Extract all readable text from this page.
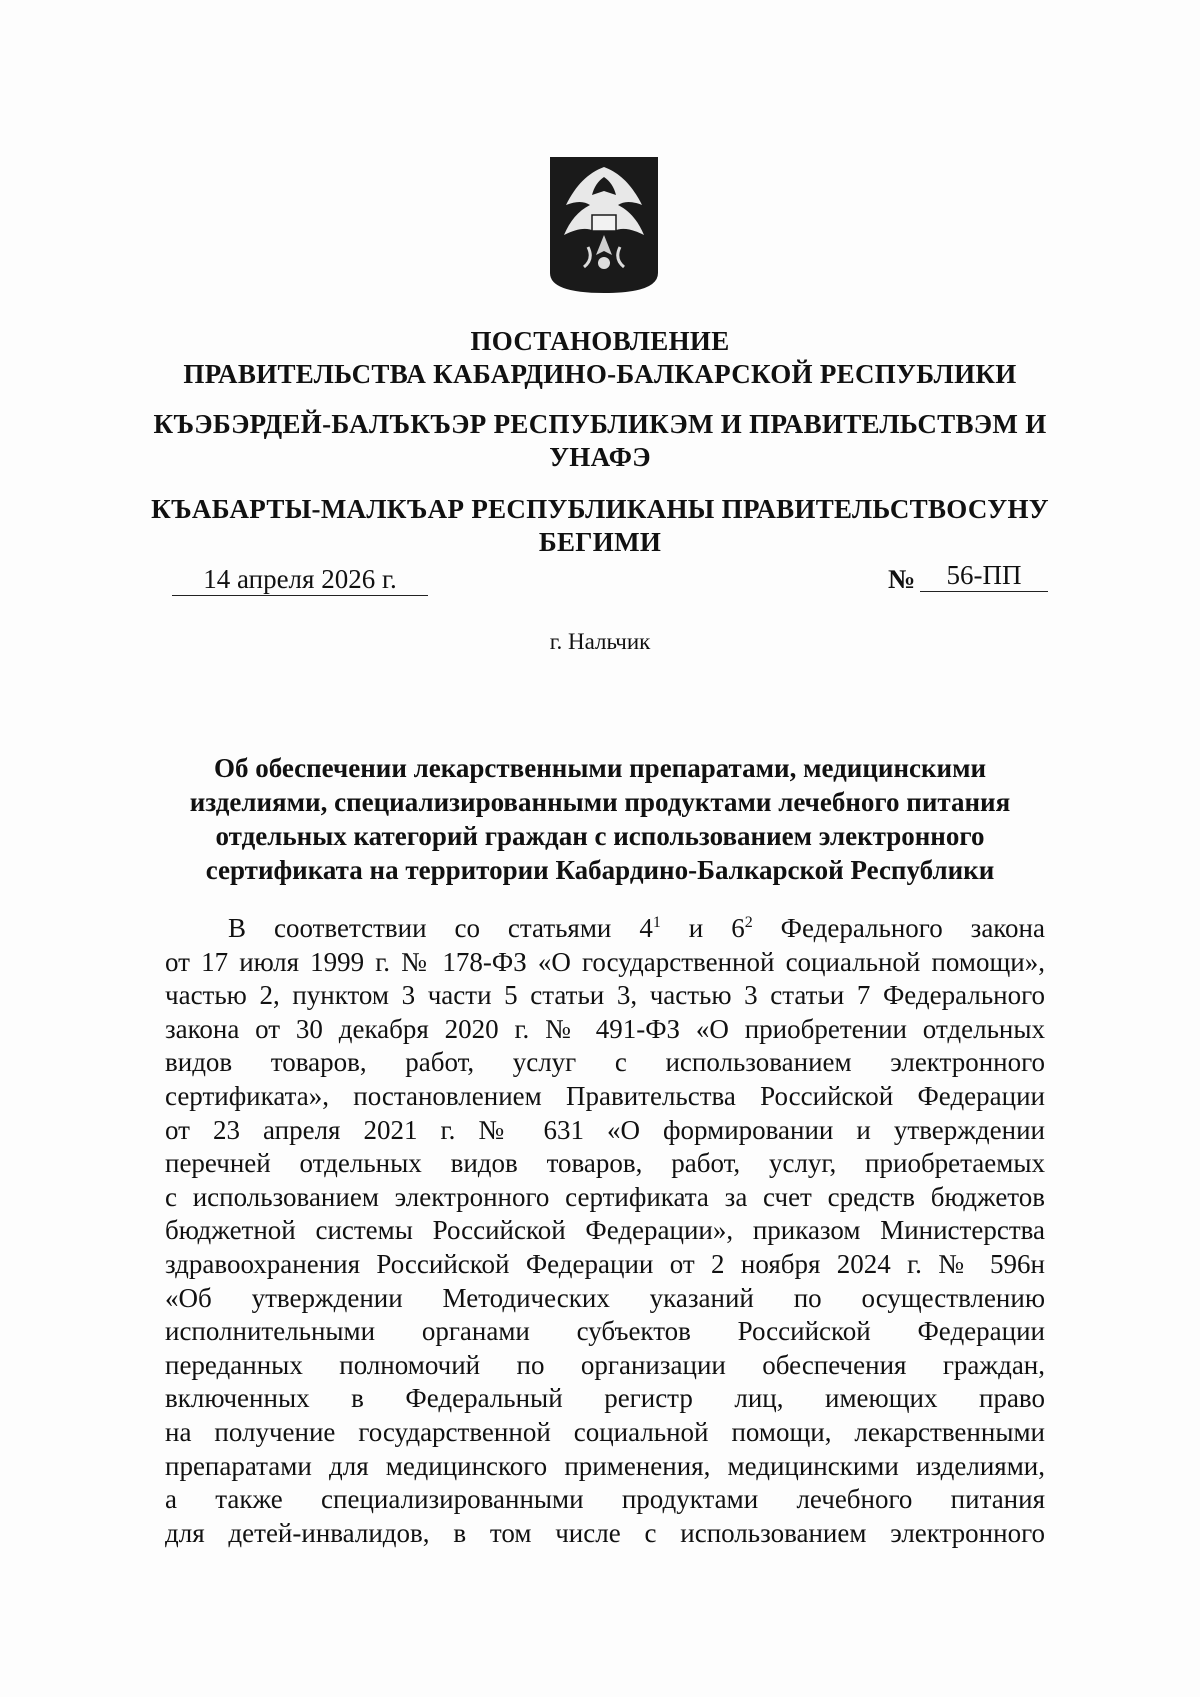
ПОСТАНОВЛЕНИЕ
ПРАВИТЕЛЬСТВА КАБАРДИНО-БАЛКАРСКОЙ РЕСПУБЛИКИ
КЪЭБЭРДЕЙ-БАЛЪКЪЭР РЕСПУБЛИКЭМ И ПРАВИТЕЛЬСТВЭМ И
УНАФЭ
КЪАБАРТЫ-МАЛКЪАР РЕСПУБЛИКАНЫ ПРАВИТЕЛЬСТВОСУНУ
БЕГИМИ
14 апреля 2026 г.	№	56-ПП
г. Нальчик
Об обеспечении лекарственными препаратами, медицинскими
изделиями, специализированными продуктами лечебного питания
отдельных категорий граждан с использованием электронного
сертификата на территории Кабардино-Балкарской Республики
В соответствии со статьями $4^1$ и $6^2$ Федерального закона
от 17 июля 1999 г. № 178-ФЗ «О государственной социальной помощи»,
частью 2, пунктом 3 части 5 статьи 3, частью 3 статьи 7 Федерального
закона от 30 декабря 2020 г. № 491-ФЗ «О приобретении отдельных
видов товаров, работ, услуг с использованием электронного
сертификата», постановлением Правительства Российской Федерации
от 23 апреля 2021 г. № 631 «О формировании и утверждении
перечней отдельных видов товаров, работ, услуг, приобретаемых
с использованием электронного сертификата за счет средств бюджетов
бюджетной системы Российской Федерации», приказом Министерства
здравоохранения Российской Федерации от 2 ноября 2024 г. № 596н
«Об утверждении Методических указаний по осуществлению
исполнительными органами субъектов Российской Федерации
переданных полномочий по организации обеспечения граждан,
включенных в Федеральный регистр лиц, имеющих право
на получение государственной социальной помощи, лекарственными
препаратами для медицинского применения, медицинскими изделиями,
а также специализированными продуктами лечебного питания
для детей-инвалидов, в том числе с использованием электронного
